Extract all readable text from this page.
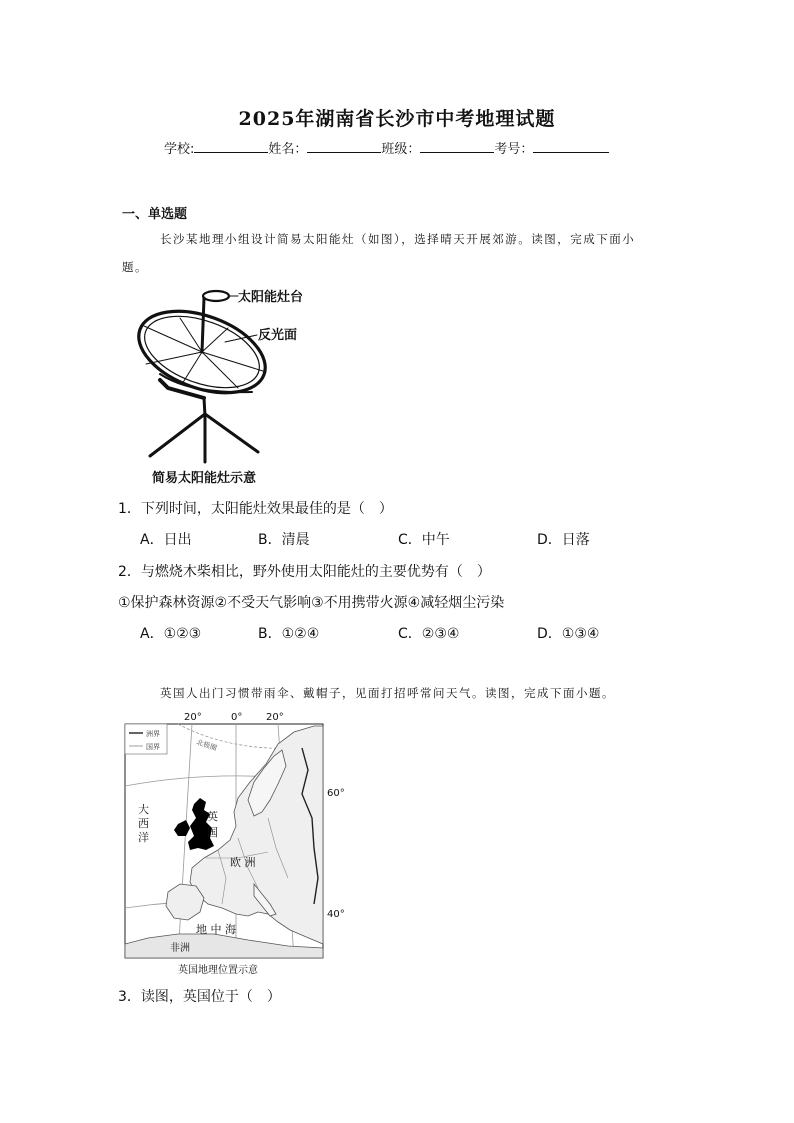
2025年湖南省长沙市中考地理试题
学校:	姓名：	班级：	考号：
一、单选题
长沙某地理小组设计简易太阳能灶（如图），选择晴天开展郊游。读图，完成下面小
题。
太阳能灶台
反光面
简易太阳能灶示意
1．下列时间，太阳能灶效果最佳的是（　）
A．日出	B．清晨	C．中午	D．日落
2．与燃烧木柴相比，野外使用太阳能灶的主要优势有（　）
①保护森林资源②不受天气影响③不用携带火源④减轻烟尘污染
A．①②③	B．①②④	C．②③④	D．①③④
英国人出门习惯带雨伞、戴帽子，见面打招呼常问天气。读图，完成下面小题。
20°	0° 20°
洲界
国界	北极圈
大
西
洋
英
国
欧 洲
地 中 海
非洲
60°
40°
英国地理位置示意
3．读图，英国位于（　）
